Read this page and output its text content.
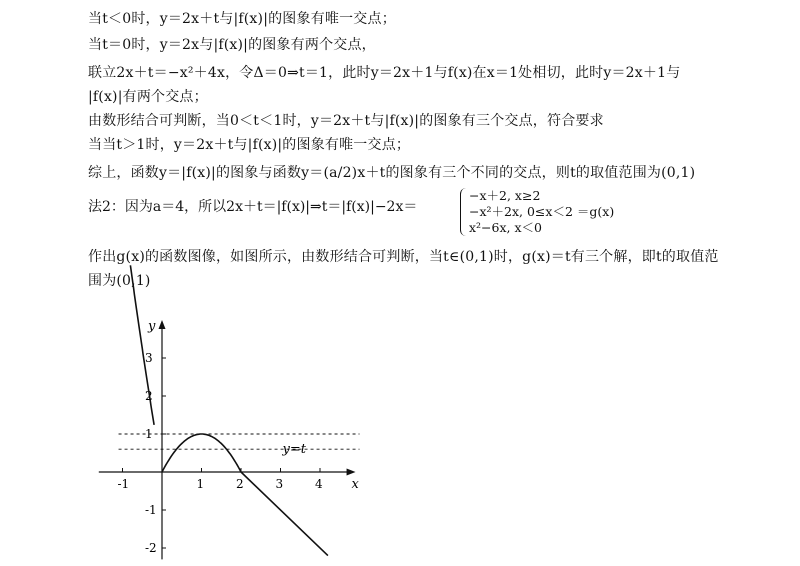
当t＜0时，y＝2x＋t与|f(x)|的图象有唯一交点；
当t＝0时，y＝2x与|f(x)|的图象有两个交点，
联立2x＋t＝−x²＋4x，令Δ＝0⇒t＝1，此时y＝2x＋1与f(x)在x＝1处相切，此时y＝2x＋1与
|f(x)|有两个交点；
由数形结合可判断，当0＜t＜1时，y＝2x＋t与|f(x)|的图象有三个交点，符合要求
当当t＞1时，y＝2x＋t与|f(x)|的图象有唯一交点；
综上，函数y＝|f(x)|的图象与函数y＝(a/2)x＋t的图象有三个不同的交点，则t的取值范围为(0,1)
法2：因为a＝4，所以2x＋t＝|f(x)|⇒t＝|f(x)|−2x＝
−x＋2, x≥2
−x²＋2x, 0≤x＜2 ＝g(x)
x²−6x, x＜0
作出g(x)的函数图像，如图所示，由数形结合可判断，当t∈(0,1)时，g(x)＝t有三个解，即t的取值范
围为(0,1)
x
y
-1	1	2	3	4
3
2
1
-1
-2
y=t
